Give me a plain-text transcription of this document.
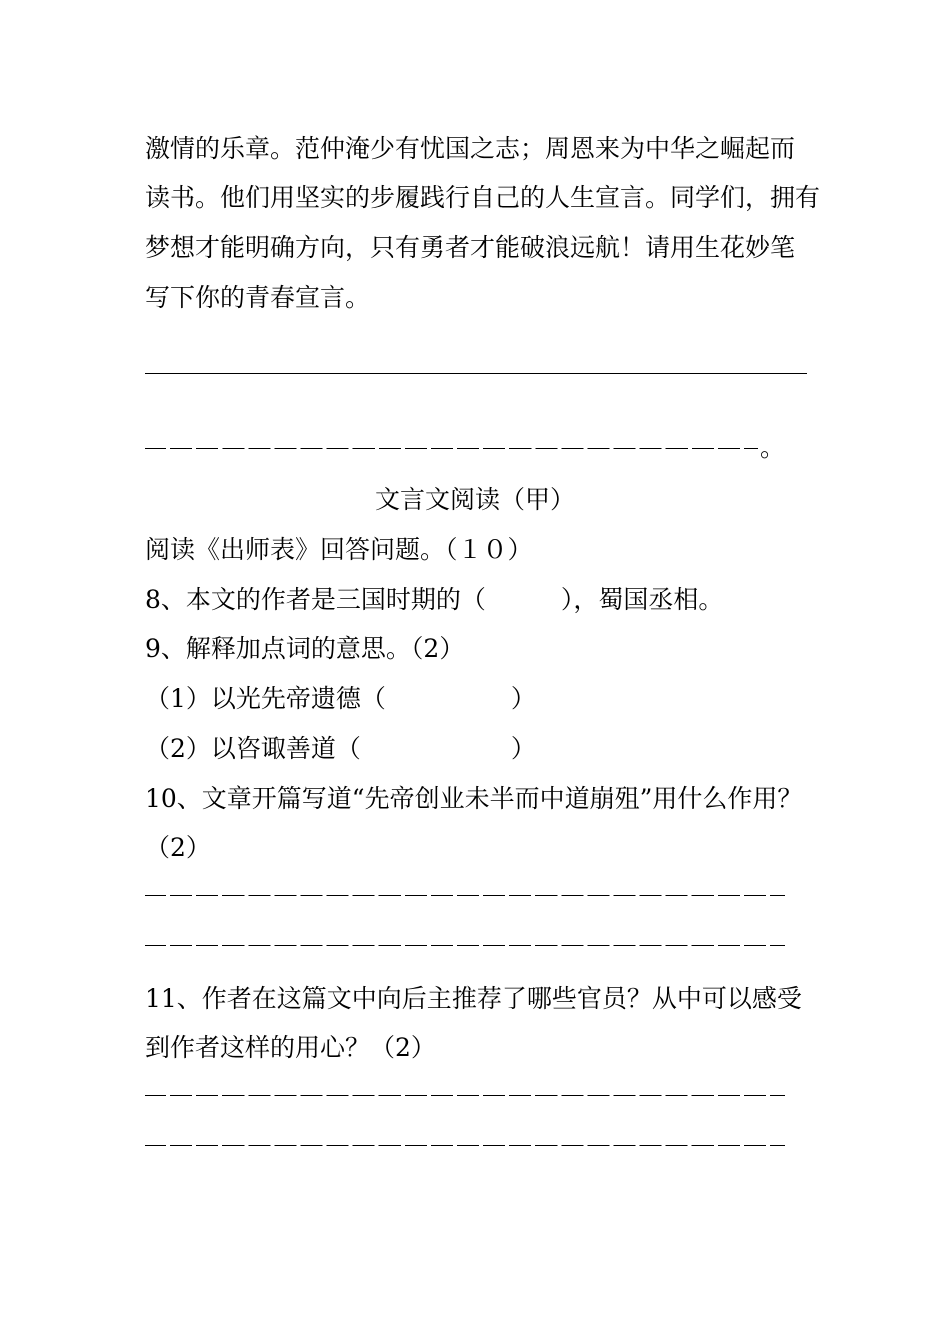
激情的乐章。范仲淹少有忧国之志；周恩来为中华之崛起而

读书。他们用坚实的步履践行自己的人生宣言。同学们，拥有

梦想才能明确方向，只有勇者才能破浪远航！请用生花妙笔

写下你的青春宣言。

。

文言文阅读（甲）

阅读《出师表》回答问题。（１０）

8、本文的作者是三国时期的（　　　），蜀国丞相。

9、解释加点词的意思。（2）

（1）以光先帝遗德（　　　　　）

（2）以咨诹善道（　　　　　　）

10、文章开篇写道“先帝创业未半而中道崩殂”用什么作用？

（2）

11、作者在这篇文中向后主推荐了哪些官员？从中可以感受

到作者这样的用心？（2）
